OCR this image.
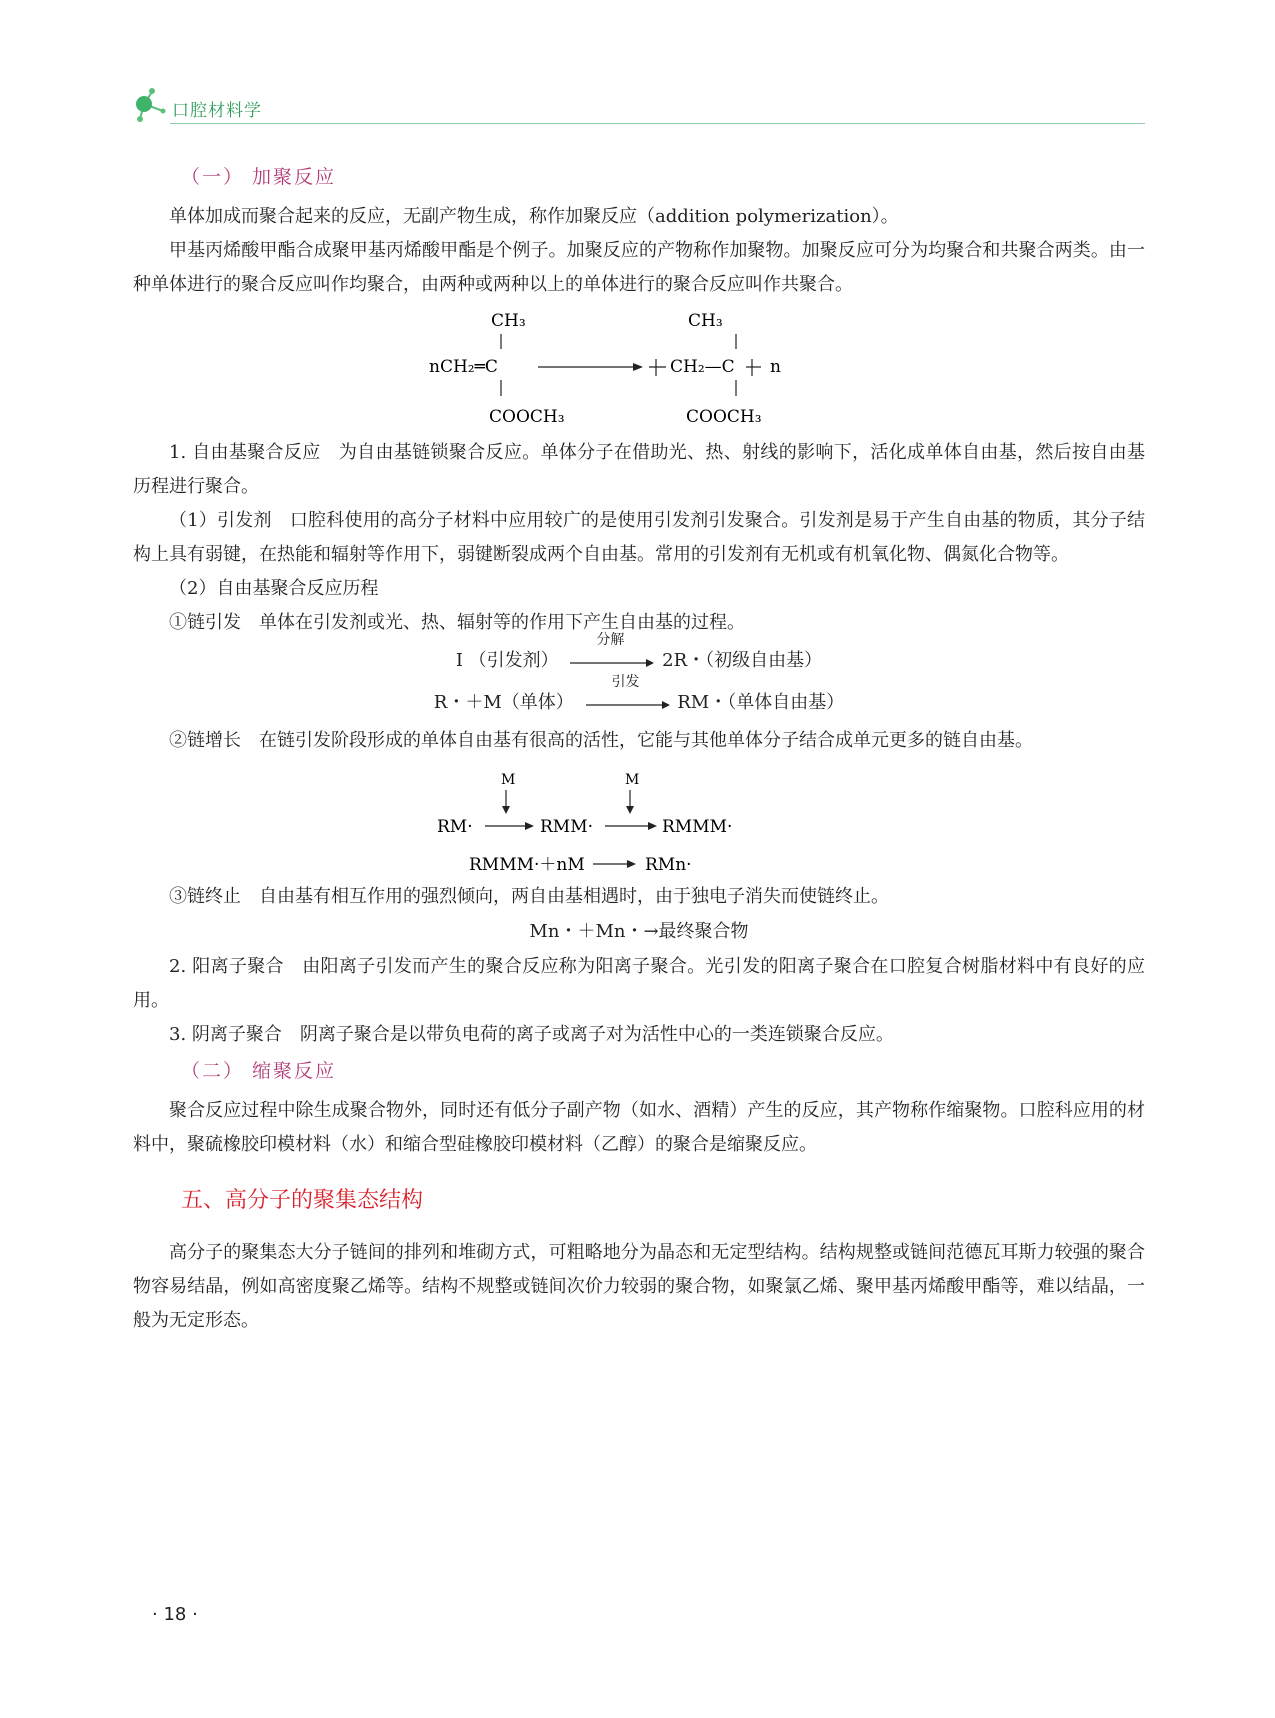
口腔材料学
（一） 加聚反应

单体加成而聚合起来的反应，无副产物生成，称作加聚反应（addition polymerization）。

甲基丙烯酸甲酯合成聚甲基丙烯酸甲酯是个例子。加聚反应的产物称作加聚物。加聚反应可分为均聚合和共聚合两类。由一种单体进行的聚合反应叫作均聚合，由两种或两种以上的单体进行的聚合反应叫作共聚合。

CH₃
nCH₂═C
COOCH₃
CH₂—C n
CH₃
COOCH₃

1. 自由基聚合反应　为自由基链锁聚合反应。单体分子在借助光、热、射线的影响下，活化成单体自由基，然后按自由基历程进行聚合。

（1）引发剂　口腔科使用的高分子材料中应用较广的是使用引发剂引发聚合。引发剂是易于产生自由基的物质，其分子结构上具有弱键，在热能和辐射等作用下，弱键断裂成两个自由基。常用的引发剂有无机或有机氧化物、偶氮化合物等。

（2）自由基聚合反应历程

①链引发　单体在引发剂或光、热、辐射等的作用下产生自由基的过程。

I （引发剂）
分解
2R・（初级自由基）
R・＋M（单体）
引发
RM・（单体自由基）

②链增长　在链引发阶段形成的单体自由基有很高的活性，它能与其他单体分子结合成单元更多的链自由基。

M	M
RM·	RMM·	RMMM·
RMMM·＋nM	RMn·

③链终止　自由基有相互作用的强烈倾向，两自由基相遇时，由于独电子消失而使链终止。

Mn・＋Mn・→最终聚合物

2. 阳离子聚合　由阳离子引发而产生的聚合反应称为阳离子聚合。光引发的阳离子聚合在口腔复合树脂材料中有良好的应用。

3. 阴离子聚合　阴离子聚合是以带负电荷的离子或离子对为活性中心的一类连锁聚合反应。

（二） 缩聚反应

聚合反应过程中除生成聚合物外，同时还有低分子副产物（如水、酒精）产生的反应，其产物称作缩聚物。口腔科应用的材料中，聚硫橡胶印模材料（水）和缩合型硅橡胶印模材料（乙醇）的聚合是缩聚反应。

五、高分子的聚集态结构

高分子的聚集态大分子链间的排列和堆砌方式，可粗略地分为晶态和无定型结构。结构规整或链间范德瓦耳斯力较强的聚合物容易结晶，例如高密度聚乙烯等。结构不规整或链间次价力较弱的聚合物，如聚氯乙烯、聚甲基丙烯酸甲酯等，难以结晶，一般为无定形态。

· 18 ·
